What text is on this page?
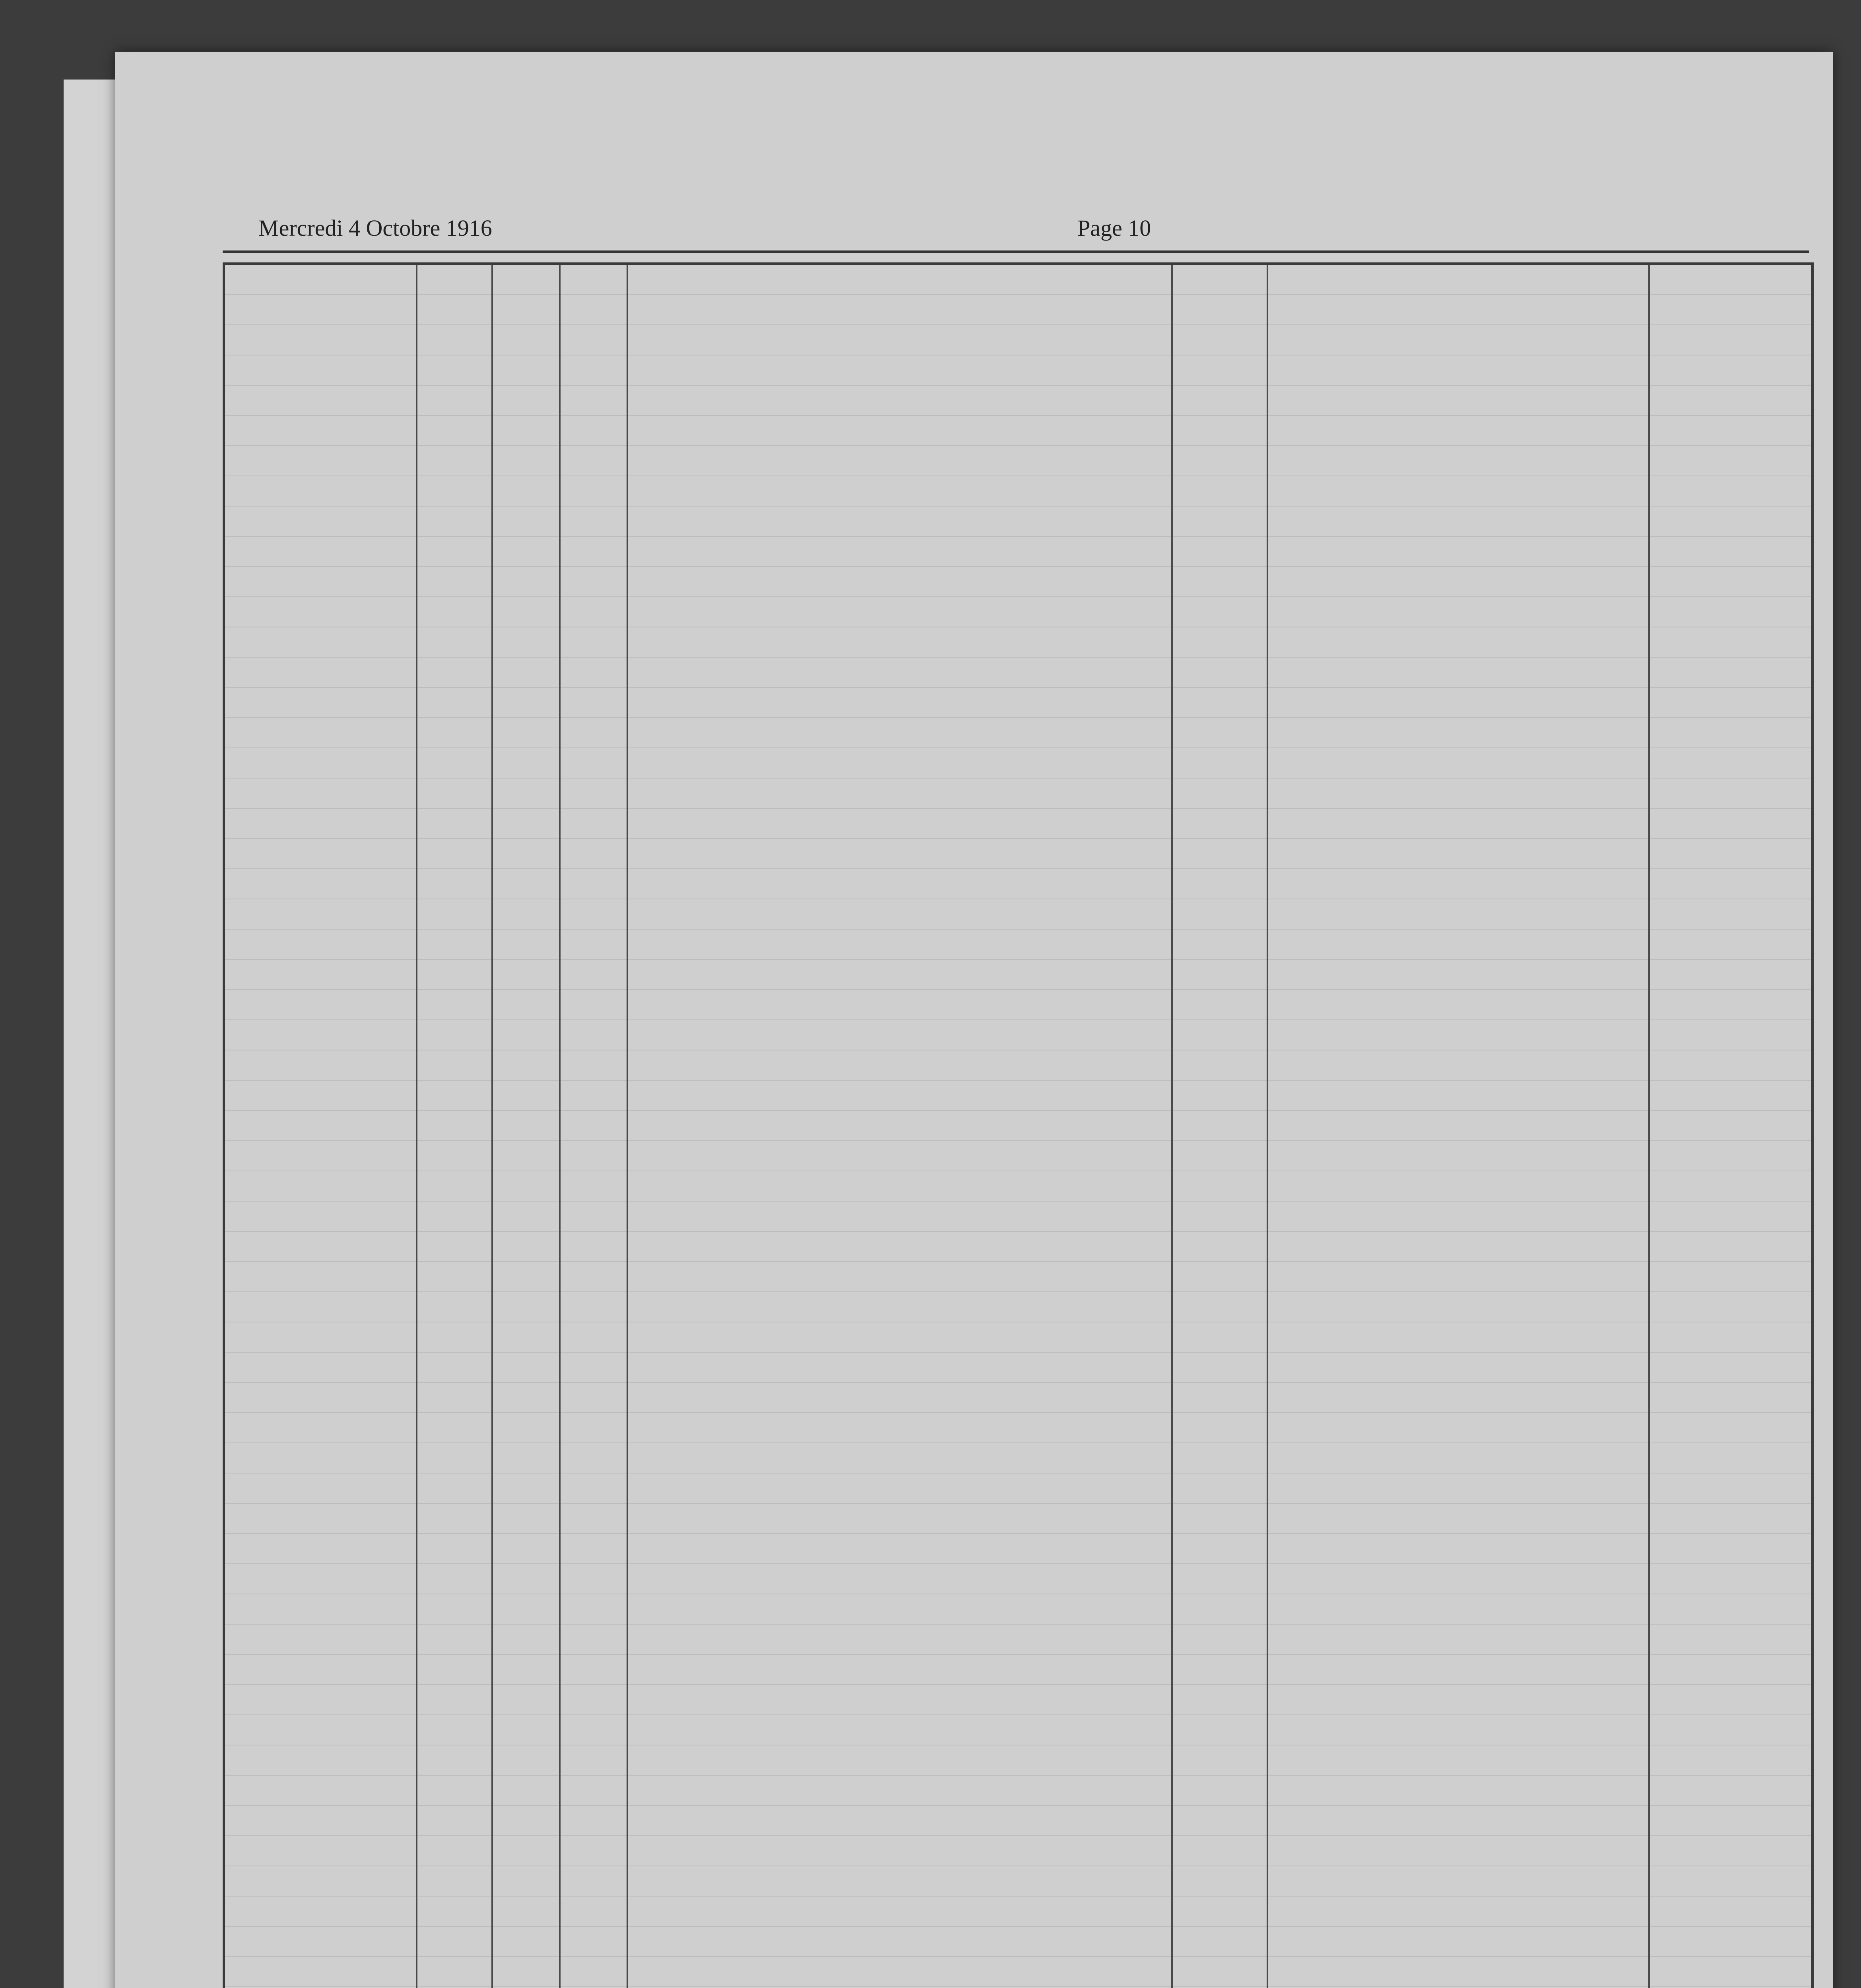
Mercredi 4 Octobre 1916	Page 10
